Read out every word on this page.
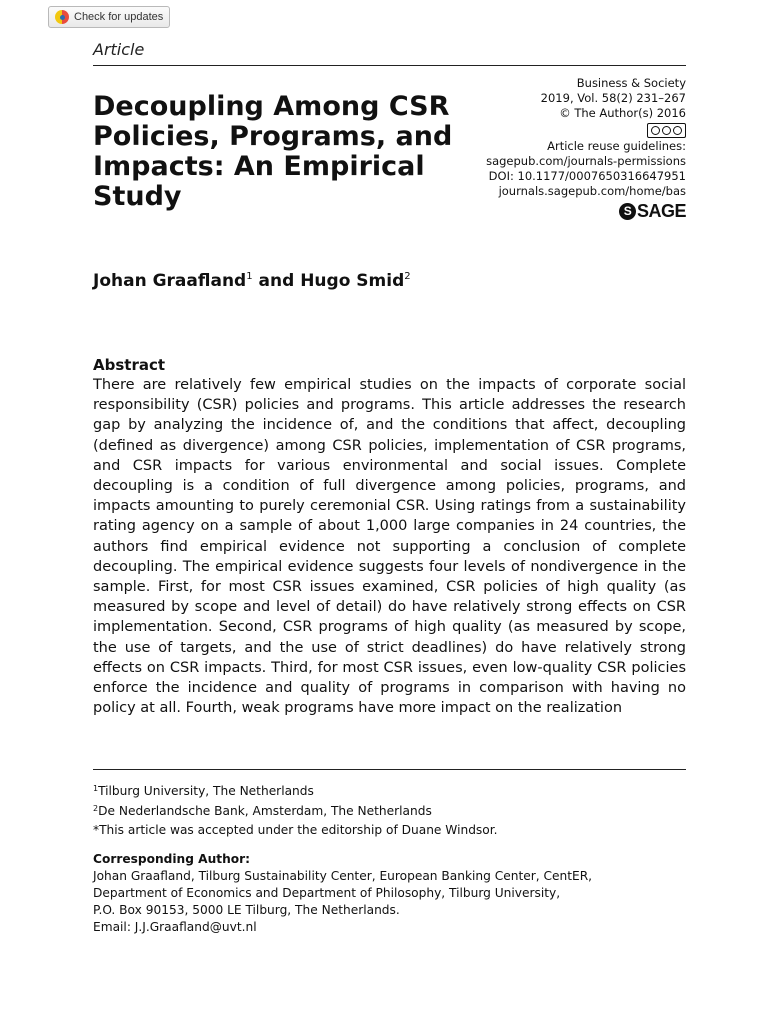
Check for updates
Article
Decoupling Among CSR Policies, Programs, and Impacts: An Empirical Study
Business & Society
2019, Vol. 58(2) 231–267
© The Author(s) 2016
Article reuse guidelines:
sagepub.com/journals-permissions
DOI: 10.1177/0007650316647951
journals.sagepub.com/home/bas
S SAGE
Johan Graafland$^1$ and Hugo Smid$^2$
Abstract

There are relatively few empirical studies on the impacts of corporate social responsibility (CSR) policies and programs. This article addresses the research gap by analyzing the incidence of, and the conditions that affect, decoupling (defined as divergence) among CSR policies, implementation of CSR programs, and CSR impacts for various environmental and social issues. Complete decoupling is a condition of full divergence among policies, programs, and impacts amounting to purely ceremonial CSR. Using ratings from a sustainability rating agency on a sample of about 1,000 large companies in 24 countries, the authors find empirical evidence not supporting a conclusion of complete decoupling. The empirical evidence suggests four levels of nondivergence in the sample. First, for most CSR issues examined, CSR policies of high quality (as measured by scope and level of detail) do have relatively strong effects on CSR implementation. Second, CSR programs of high quality (as measured by scope, the use of targets, and the use of strict deadlines) do have relatively strong effects on CSR impacts. Third, for most CSR issues, even low-quality CSR policies enforce the incidence and quality of programs in comparison with having no policy at all. Fourth, weak programs have more impact on the realization

$^1$Tilburg University, The Netherlands
$^2$De Nederlandsche Bank, Amsterdam, The Netherlands
*This article was accepted under the editorship of Duane Windsor.
Corresponding Author:
Johan Graafland, Tilburg Sustainability Center, European Banking Center, CentER,
Department of Economics and Department of Philosophy, Tilburg University,
P.O. Box 90153, 5000 LE Tilburg, The Netherlands.
Email: J.J.Graafland@uvt.nl
